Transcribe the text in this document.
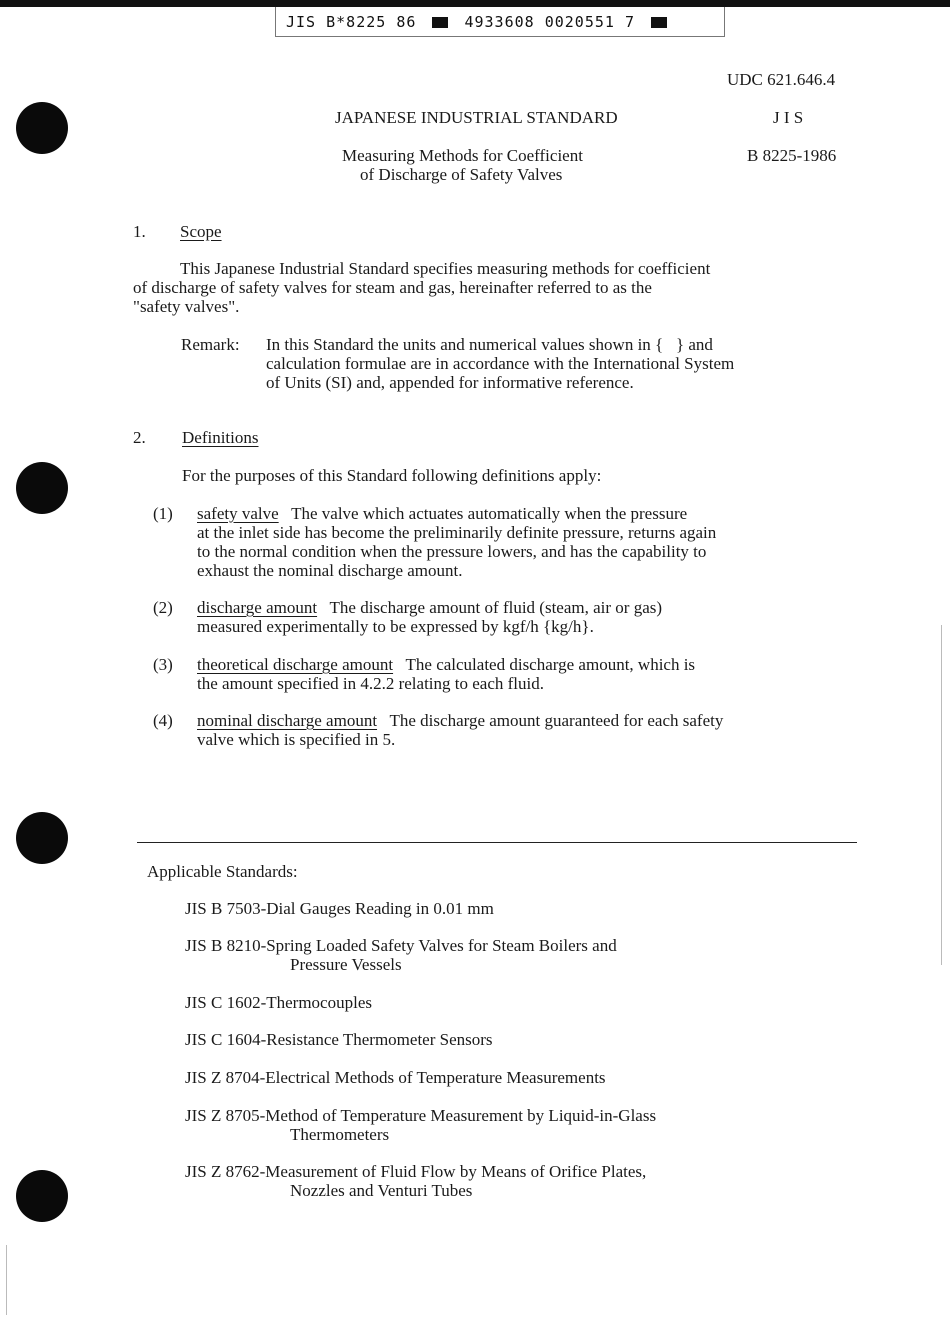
JIS B*8225 86	4933608 0020551 7
UDC 621.646.4
JAPANESE INDUSTRIAL STANDARD	J I S
Measuring Methods for Coefficient
of Discharge of Safety Valves
B 8225-1986
1. Scope
This Japanese Industrial Standard specifies measuring methods for coefficient
of discharge of safety valves for steam and gas, hereinafter referred to as the
"safety valves".
Remark: In this Standard the units and numerical values shown in {   } and
calculation formulae are in accordance with the International System
of Units (SI) and, appended for informative reference.
2. Definitions
For the purposes of this Standard following definitions apply:
(1) safety valve The valve which actuates automatically when the pressure
at the inlet side has become the preliminarily definite pressure, returns again
to the normal condition when the pressure lowers, and has the capability to
exhaust the nominal discharge amount.
(2) discharge amount The discharge amount of fluid (steam, air or gas)
measured experimentally to be expressed by kgf/h {kg/h}.
(3) theoretical discharge amount The calculated discharge amount, which is
the amount specified in 4.2.2 relating to each fluid.
(4) nominal discharge amount The discharge amount guaranteed for each safety
valve which is specified in 5.
Applicable Standards:
JIS B 7503-Dial Gauges Reading in 0.01 mm
JIS B 8210-Spring Loaded Safety Valves for Steam Boilers and
Pressure Vessels
JIS C 1602-Thermocouples
JIS C 1604-Resistance Thermometer Sensors
JIS Z 8704-Electrical Methods of Temperature Measurements
JIS Z 8705-Method of Temperature Measurement by Liquid-in-Glass
Thermometers
JIS Z 8762-Measurement of Fluid Flow by Means of Orifice Plates,
Nozzles and Venturi Tubes
